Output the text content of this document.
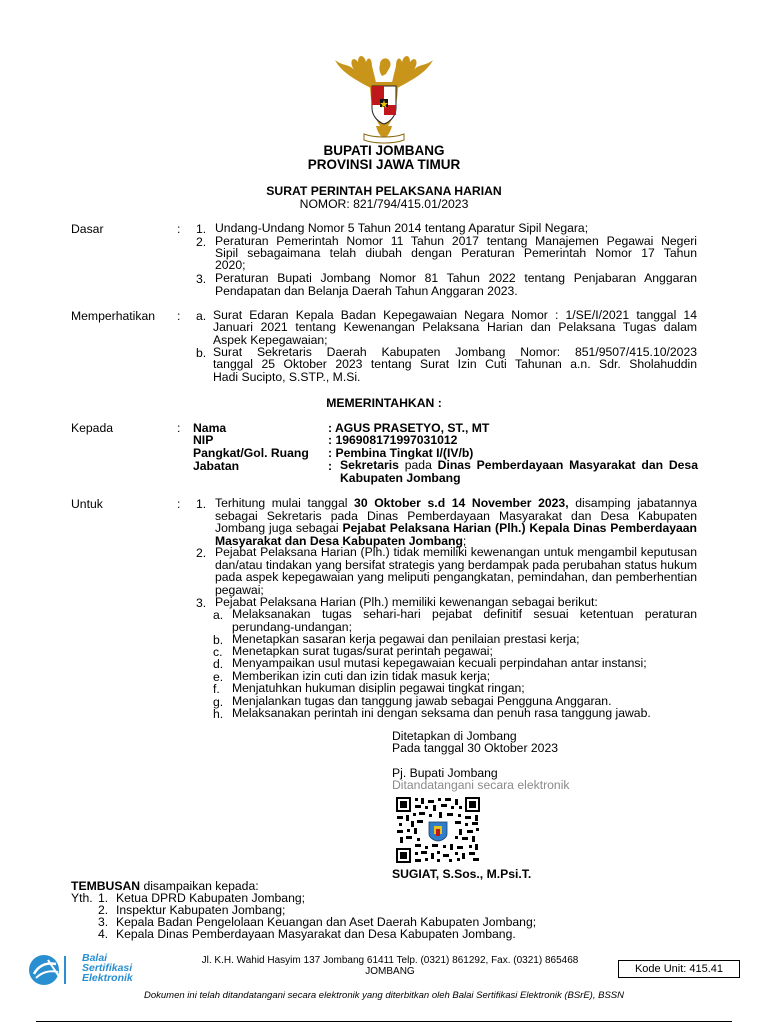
BUPATI JOMBANG
PROVINSI JAWA TIMUR
SURAT PERINTAH PELAKSANA HARIAN
NOMOR: 821/794/415.01/2023
Dasar	: 1. Undang-Undang Nomor 5 Tahun 2014 tentang Aparatur Sipil Negara;
2. Peraturan Pemerintah Nomor 11 Tahun 2017 tentang Manajemen Pegawai Negeri
Sipil sebagaimana telah diubah dengan Peraturan Pemerintah Nomor 17 Tahun
2020;
3. Peraturan Bupati Jombang Nomor 81 Tahun 2022 tentang Penjabaran Anggaran
Pendapatan dan Belanja Daerah Tahun Anggaran 2023.
Memperhatikan : a. Surat Edaran Kepala Badan Kepegawaian Negara Nomor : 1/SE/I/2021 tanggal 14
Januari 2021 tentang Kewenangan Pelaksana Harian dan Pelaksana Tugas dalam
Aspek Kepegawaian;
b. Surat Sekretaris Daerah Kabupaten Jombang Nomor: 851/9507/415.10/2023
tanggal 25 Oktober 2023 tentang Surat Izin Cuti Tahunan a.n. Sdr. Sholahuddin
Hadi Sucipto, S.STP., M.Si.
MEMERINTAHKAN :
Kepada	: Nama	: AGUS PRASETYO, ST., MT
NIP	: 196908171997031012
Pangkat/Gol. Ruang : Pembina Tingkat I/(IV/b)
Jabatan	: Sekretaris pada Dinas Pemberdayaan Masyarakat dan Desa Kabupaten Jombang
Untuk	: 1. Terhitung mulai tanggal 30 Oktober s.d 14 November 2023, disamping jabatannya sebagai Sekretaris pada Dinas Pemberdayaan Masyarakat dan Desa Kabupaten Jombang juga sebagai Pejabat Pelaksana Harian (Plh.) Kepala Dinas Pemberdayaan Masyarakat dan Desa Kabupaten Jombang;
2. Pejabat Pelaksana Harian (Plh.) tidak memiliki kewenangan untuk mengambil keputusan dan/atau tindakan yang bersifat strategis yang berdampak pada perubahan status hukum pada aspek kepegawaian yang meliputi pengangkatan, pemindahan, dan pemberhentian pegawai;
3. Pejabat Pelaksana Harian (Plh.) memiliki kewenangan sebagai berikut:
a. Melaksanakan tugas sehari-hari pejabat definitif sesuai ketentuan peraturan perundang-undangan;
b. Menetapkan sasaran kerja pegawai dan penilaian prestasi kerja;
c. Menetapkan surat tugas/surat perintah pegawai;
d. Menyampaikan usul mutasi kepegawaian kecuali perpindahan antar instansi;
e. Memberikan izin cuti dan izin tidak masuk kerja;
f. Menjatuhkan hukuman disiplin pegawai tingkat ringan;
g. Menjalankan tugas dan tanggung jawab sebagai Pengguna Anggaran.
h. Melaksanakan perintah ini dengan seksama dan penuh rasa tanggung jawab.
Ditetapkan di Jombang
Pada tanggal 30 Oktober 2023
Pj. Bupati Jombang
Ditandatangani secara elektronik
SUGIAT, S.Sos., M.Psi.T.
TEMBUSAN disampaikan kepada:
Yth. 1. Ketua DPRD Kabupaten Jombang;
2. Inspektur Kabupaten Jombang;
3. Kepala Badan Pengelolaan Keuangan dan Aset Daerah Kabupaten Jombang;
4. Kepala Dinas Pemberdayaan Masyarakat dan Desa Kabupaten Jombang.
Balai
Sertifikasi
Elektronik
Jl. K.H. Wahid Hasyim 137 Jombang 61411 Telp. (0321) 861292, Fax. (0321) 865468
JOMBANG	Kode Unit: 415.41
Dokumen ini telah ditandatangani secara elektronik yang diterbitkan oleh Balai Sertifikasi Elektronik (BSrE), BSSN
